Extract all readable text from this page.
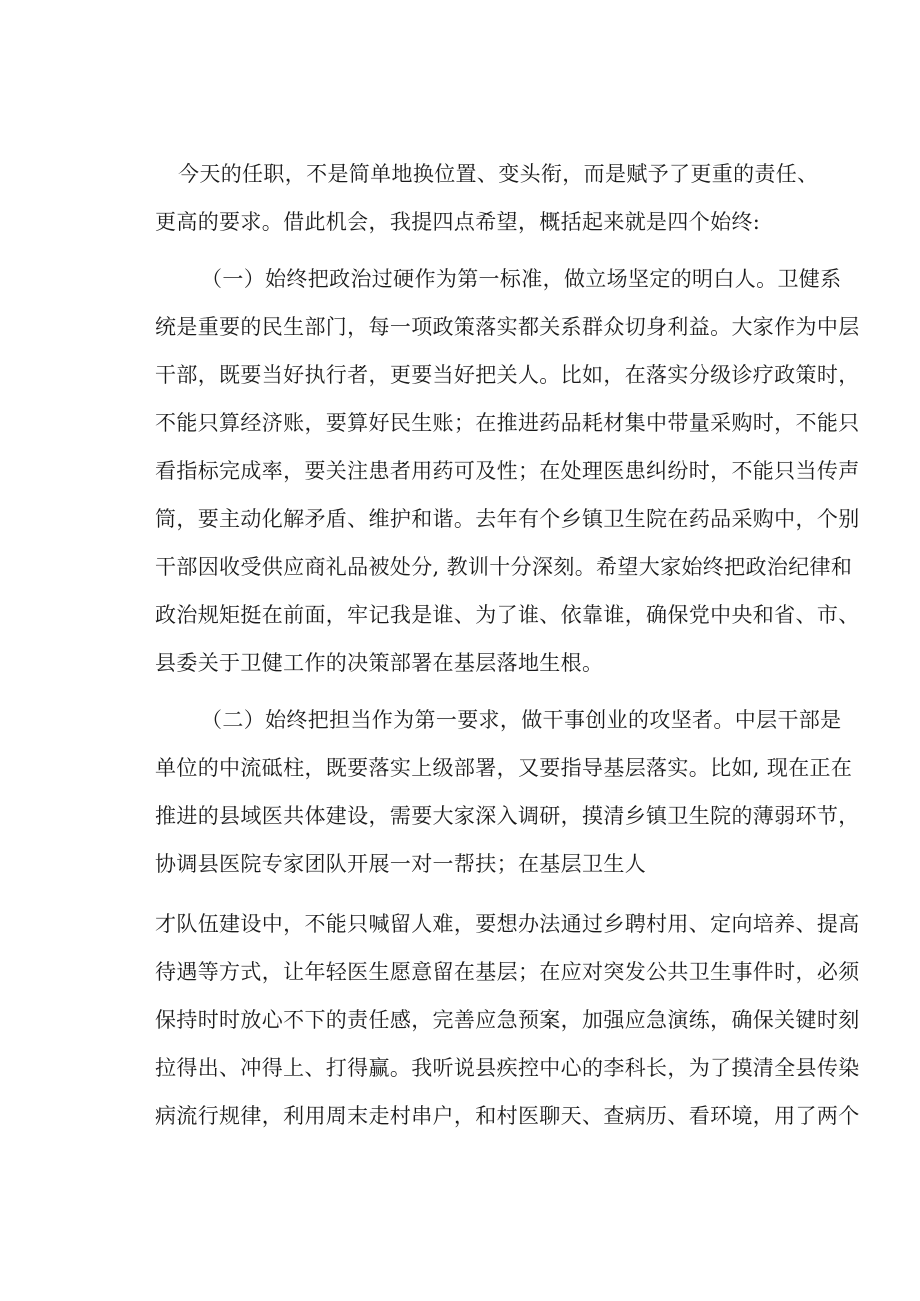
今天的任职，不是简单地换位置、变头衔，而是赋予了更重的责任、

更高的要求。借此机会，我提四点希望，概括起来就是四个始终:

（一）始终把政治过硬作为第一标准，做立场坚定的明白人。卫健系

统是重要的民生部门，每一项政策落实都关系群众切身利益。大家作为中层

干部，既要当好执行者，更要当好把关人。比如，在落实分级诊疗政策时，

不能只算经济账，要算好民生账；在推进药品耗材集中带量采购时，不能只

看指标完成率，要关注患者用药可及性；在处理医患纠纷时，不能只当传声

筒，要主动化解矛盾、维护和谐。去年有个乡镇卫生院在药品采购中，个别

干部因收受供应商礼品被处分, 教训十分深刻。希望大家始终把政治纪律和

政治规矩挺在前面，牢记我是谁、为了谁、依靠谁，确保党中央和省、市、

县委关于卫健工作的决策部署在基层落地生根。

（二）始终把担当作为第一要求，做干事创业的攻坚者。中层干部是

单位的中流砥柱，既要落实上级部署，又要指导基层落实。比如, 现在正在

推进的县域医共体建设，需要大家深入调研，摸清乡镇卫生院的薄弱环节，

协调县医院专家团队开展一对一帮扶；在基层卫生人

才队伍建设中，不能只喊留人难，要想办法通过乡聘村用、定向培养、提高

待遇等方式，让年轻医生愿意留在基层；在应对突发公共卫生事件时，必须

保持时时放心不下的责任感，完善应急预案，加强应急演练，确保关键时刻

拉得出、冲得上、打得赢。我听说县疾控中心的李科长，为了摸清全县传染

病流行规律，利用周末走村串户，和村医聊天、查病历、看环境，用了两个
